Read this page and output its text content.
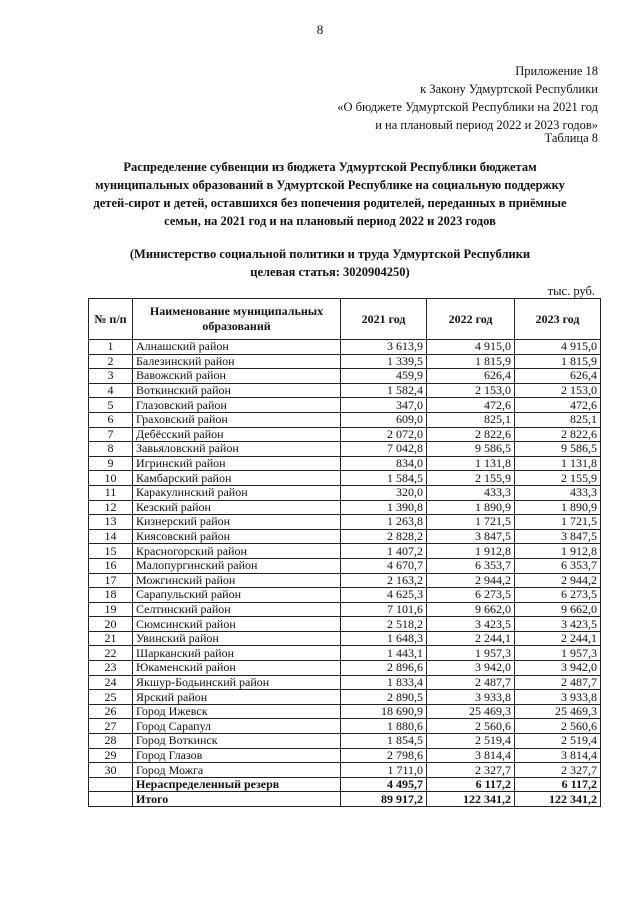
8
Приложение 18
к Закону Удмуртской Республики
«О бюджете Удмуртской Республики на 2021 год
и на плановый период 2022 и 2023 годов»
Таблица 8
Распределение субвенции из бюджета Удмуртской Республики бюджетам муниципальных образований в Удмуртской Республике на социальную поддержку детей-сирот и детей, оставшихся без попечения родителей, переданных в приёмные семьи, на 2021 год и на плановый период 2022 и 2023 годов
(Министерство социальной политики и труда Удмуртской Республики
целевая статья: 3020904250)
тыс. руб.
№ п/п	Наименование муниципальных образований	2021 год	2022 год	2023 год
1	Алнашский район	3 613,9	4 915,0	4 915,0
2	Балезинский район	1 339,5	1 815,9	1 815,9
3	Вавожский район	459,9	626,4	626,4
4	Воткинский район	1 582,4	2 153,0	2 153,0
5	Глазовский район	347,0	472,6	472,6
6	Граховский район	609,0	825,1	825,1
7	Дебёсский район	2 072,0	2 822,6	2 822,6
8	Завьяловский район	7 042,8	9 586,5	9 586,5
9	Игринский район	834,0	1 131,8	1 131,8
10	Камбарский район	1 584,5	2 155,9	2 155,9
11	Каракулинский район	320,0	433,3	433,3
12	Кезский район	1 390,8	1 890,9	1 890,9
13	Кизнерский район	1 263,8	1 721,5	1 721,5
14	Киясовский район	2 828,2	3 847,5	3 847,5
15	Красногорский район	1 407,2	1 912,8	1 912,8
16	Малопургинский район	4 670,7	6 353,7	6 353,7
17	Можгинский район	2 163,2	2 944,2	2 944,2
18	Сарапульский район	4 625,3	6 273,5	6 273,5
19	Селтинский район	7 101,6	9 662,0	9 662,0
20	Сюмсинский район	2 518,2	3 423,5	3 423,5
21	Увинский район	1 648,3	2 244,1	2 244,1
22	Шарканский район	1 443,1	1 957,3	1 957,3
23	Юкаменский район	2 896,6	3 942,0	3 942,0
24	Якшур-Бодьинский район	1 833,4	2 487,7	2 487,7
25	Ярский район	2 890,5	3 933,8	3 933,8
26	Город Ижевск	18 690,9	25 469,3	25 469,3
27	Город Сарапул	1 880,6	2 560,6	2 560,6
28	Город Воткинск	1 854,5	2 519,4	2 519,4
29	Город Глазов	2 798,6	3 814,4	3 814,4
30	Город Можга	1 711,0	2 327,7	2 327,7
	Нераспределенный резерв	4 495,7	6 117,2	6 117,2
	Итого	89 917,2	122 341,2	122 341,2
